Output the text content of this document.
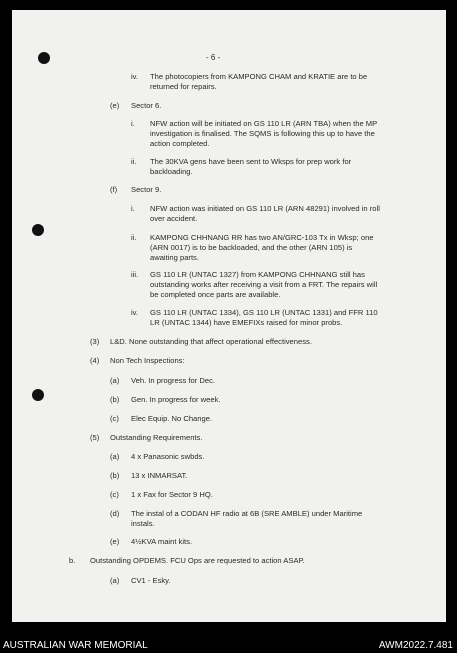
- 6 -
iv. The photocopiers from KAMPONG CHAM and KRATIE are to be
returned for repairs.
(e) Sector 6.
i. NFW action will be initiated on GS 110 LR (ARN TBA) when the MP
investigation is finalised. The SQMS is following this up to have the
action completed.
ii. The 30KVA gens have been sent to Wksps for prep work for
backloading.
(f) Sector 9.
i. NFW action was initiated on GS 110 LR (ARN 48291) involved in roll
over accident.
ii. KAMPONG CHHNANG RR has two AN/GRC-103 Tx in Wksp; one
(ARN 0017) is to be backloaded, and the other (ARN 105) is
awaiting parts.
iii. GS 110 LR (UNTAC 1327) from KAMPONG CHHNANG still has
outstanding works after receiving a visit from a FRT. The repairs will
be completed once parts are available.
iv. GS 110 LR (UNTAC 1334), GS 110 LR (UNTAC 1331) and FFR 110
LR (UNTAC 1344) have EMEFIXs raised for minor probs.
(3) L&D. None outstanding that affect operational effectiveness.
(4) Non Tech Inspections:
(a) Veh. In progress for Dec.
(b) Gen. In progress for week.
(c) Elec Equip. No Change.
(5) Outstanding Requirements.
(a) 4 x Panasonic swbds.
(b) 13 x INMARSAT.
(c) 1 x Fax for Sector 9 HQ.
(d) The instal of a CODAN HF radio at 6B (SRE AMBLE) under Maritime
instals.
(e) 4½KVA maint kits.
b. Outstanding OPDEMS. FCU Ops are requested to action ASAP.
(a) CV1 - Esky.
AUSTRALIAN WAR MEMORIAL	AWM2022.7.481
